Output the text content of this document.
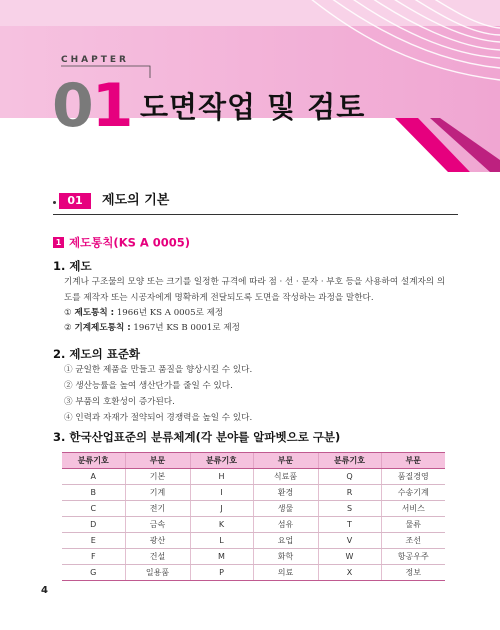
CHAPTER
01 도면작업 및 검토
01	제도의 기본
1 제도통칙(KS A 0005)
1. 제도
기계나 구조물의 모양 또는 크기를 일정한 규격에 따라 점 · 선 · 문자 · 부호 등을 사용하여 설계자의 의
도를 제작자 또는 시공자에게 명확하게 전달되도록 도면을 작성하는 과정을 말한다.
① 제도통칙 : 1966년 KS A 0005로 제정
② 기계제도통칙 : 1967년 KS B 0001로 제정
2. 제도의 표준화
① 균일한 제품을 만들고 품질을 향상시킬 수 있다.
② 생산능률을 높여 생산단가를 줄일 수 있다.
③ 부품의 호환성이 증가된다.
④ 인력과 자재가 절약되어 경쟁력을 높일 수 있다.
3. 한국산업표준의 분류체계(각 분야를 알파벳으로 구분)
분류기호	부문	분류기호	부문	분류기호	부문
A	기본	H	식료품	Q	품질경영
B	기계	I	환경	R	수송기계
C	전기	J	생물	S	서비스
D	금속	K	섬유	T	물류
E	광산	L	요업	V	조선
F	건설	M	화학	W	항공우주
G	일용품	P	의료	X	정보
4
